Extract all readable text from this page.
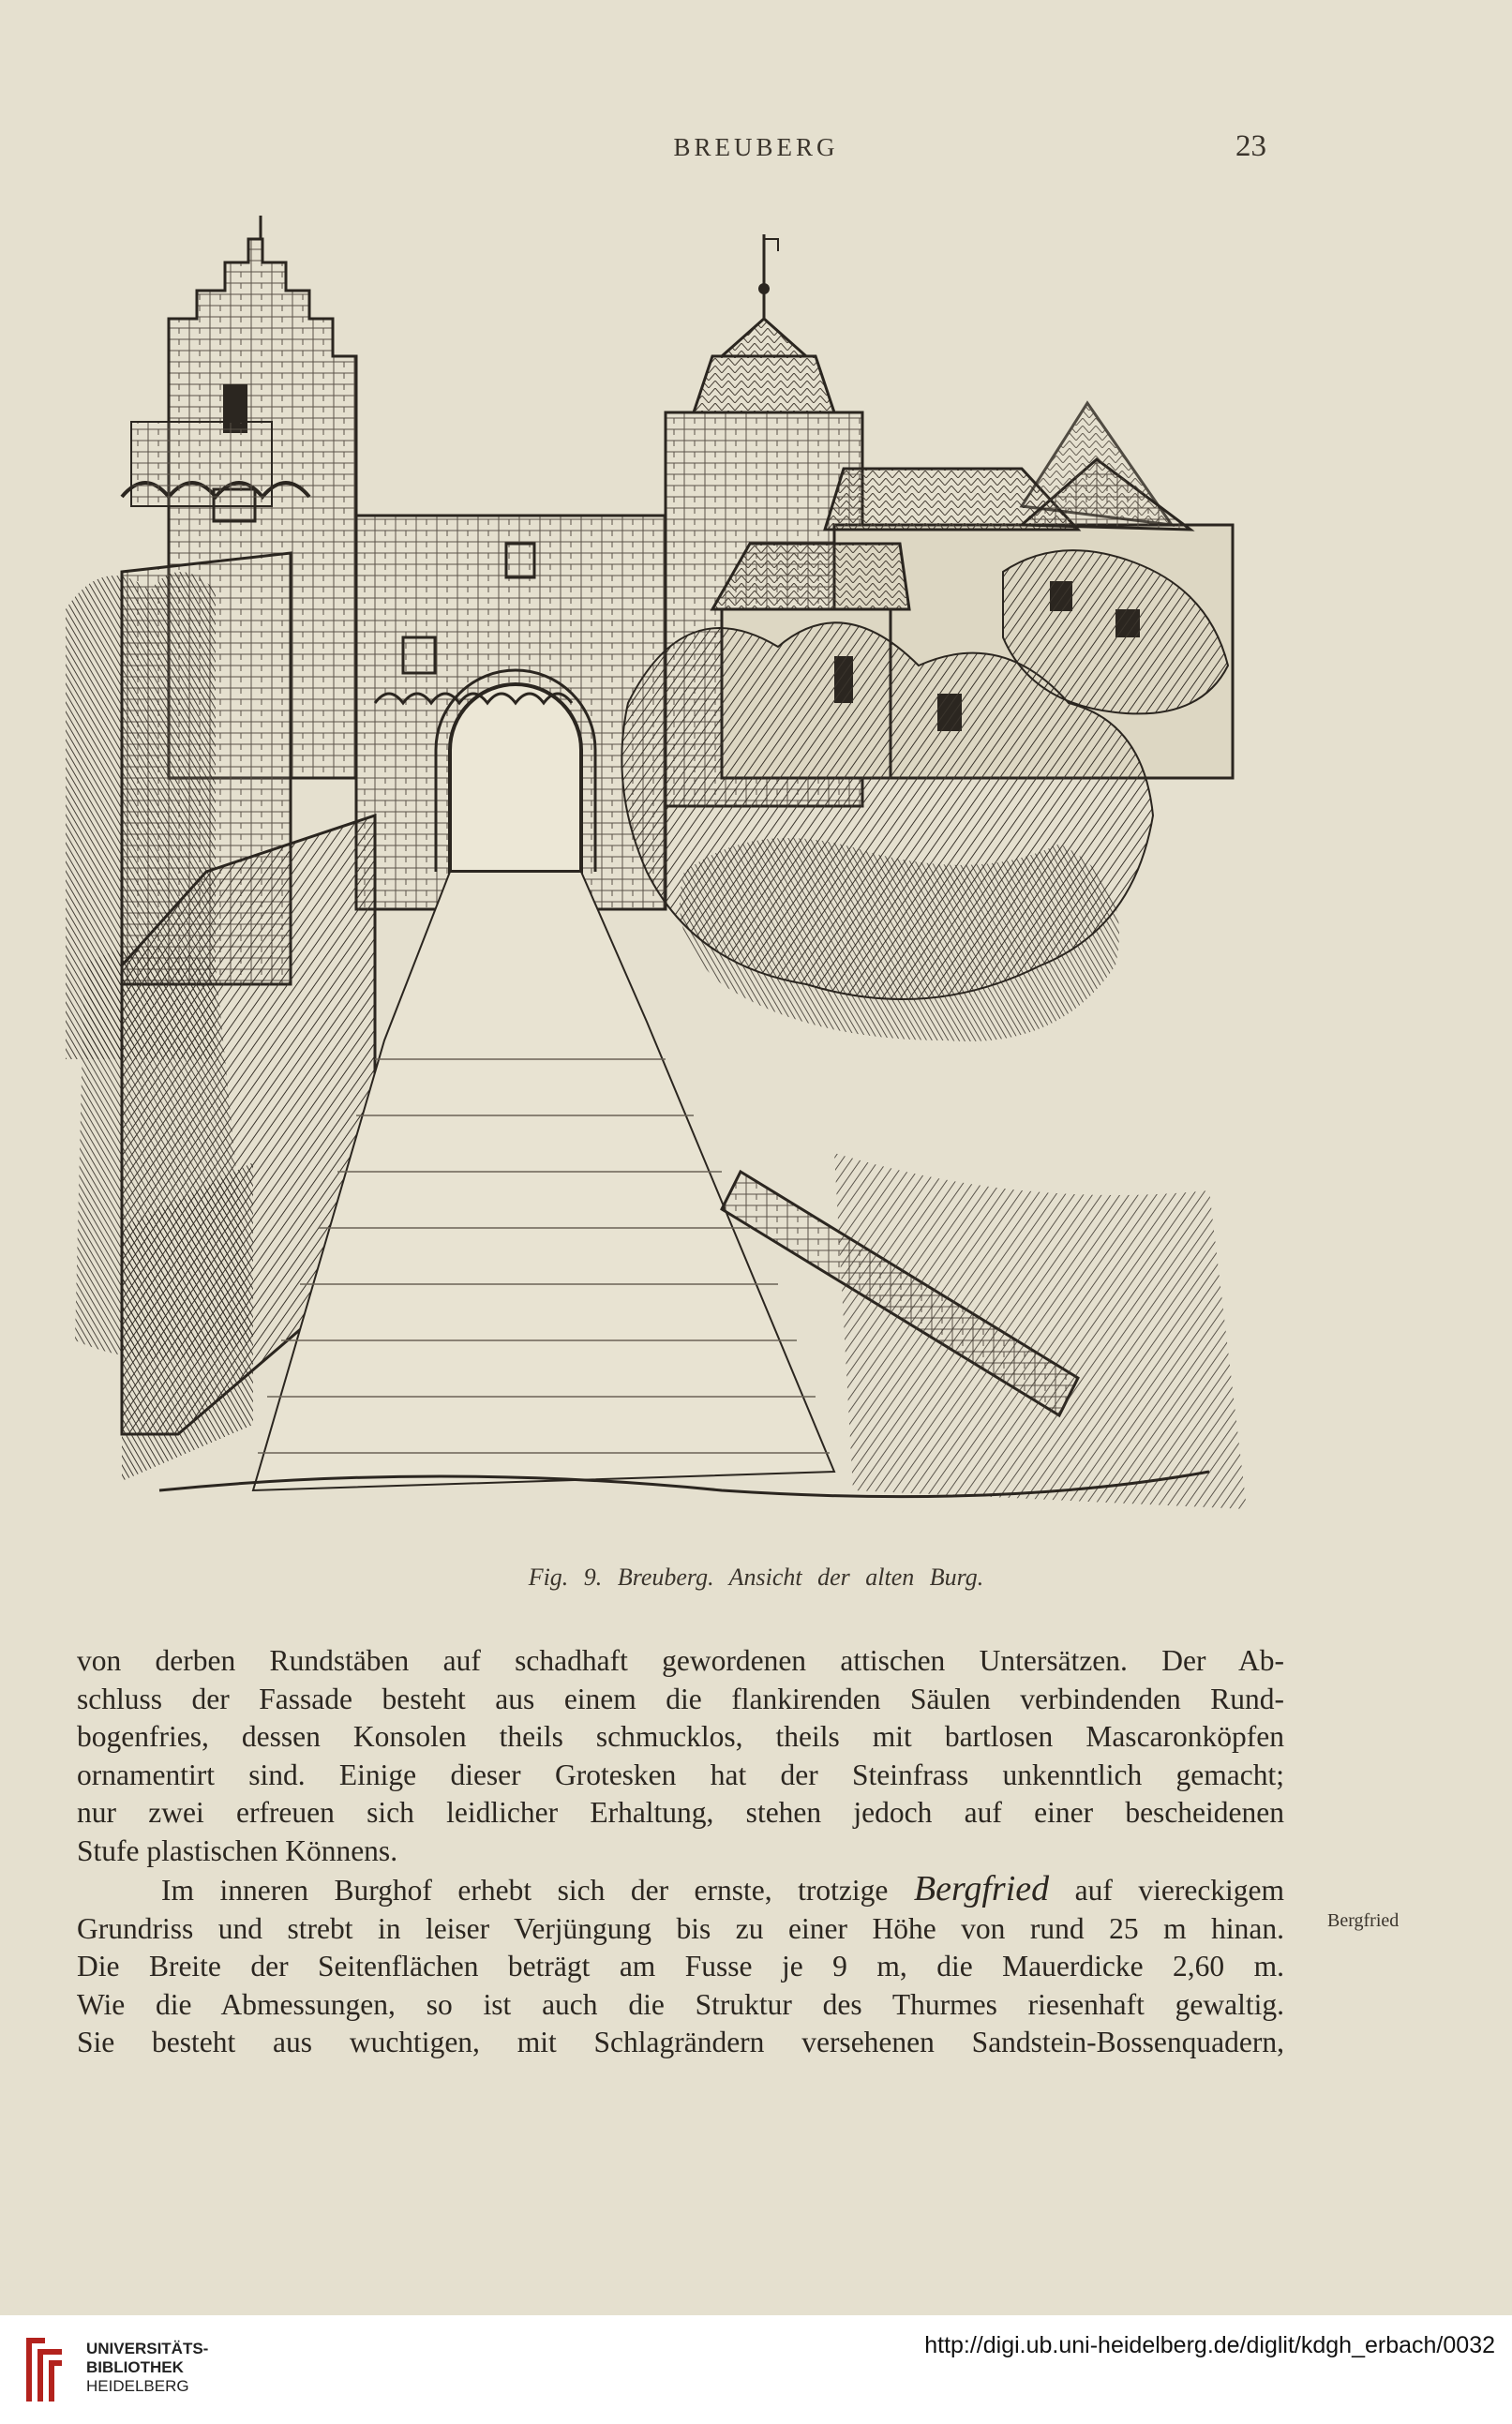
BREUBERG	23
Fig. 9. Breuberg. Ansicht der alten Burg.

von derben Rundstäben auf schadhaft gewordenen attischen Untersätzen. Der Ab-
schluss der Fassade besteht aus einem die flankirenden Säulen verbindenden Rund-
bogenfries, dessen Konsolen theils schmucklos, theils mit bartlosen Mascaronköpfen
ornamentirt sind. Einige dieser Grotesken hat der Steinfrass unkenntlich gemacht;
nur zwei erfreuen sich leidlicher Erhaltung, stehen jedoch auf einer bescheidenen
Stufe plastischen Könnens.

Im inneren Burghof erhebt sich der ernste, trotzige Bergfried auf viereckigem
Grundriss und strebt in leiser Verjüngung bis zu einer Höhe von rund 25 m hinan.
Die Breite der Seitenflächen beträgt am Fusse je 9 m, die Mauerdicke 2,60 m.
Wie die Abmessungen, so ist auch die Struktur des Thurmes riesenhaft gewaltig.
Sie besteht aus wuchtigen, mit Schlagrändern versehenen Sandstein-Bossenquadern,

Bergfried
UNIVERSITÄTS-
BIBLIOTHEK
HEIDELBERG
http://digi.ub.uni-heidelberg.de/diglit/kdgh_erbach/0032
